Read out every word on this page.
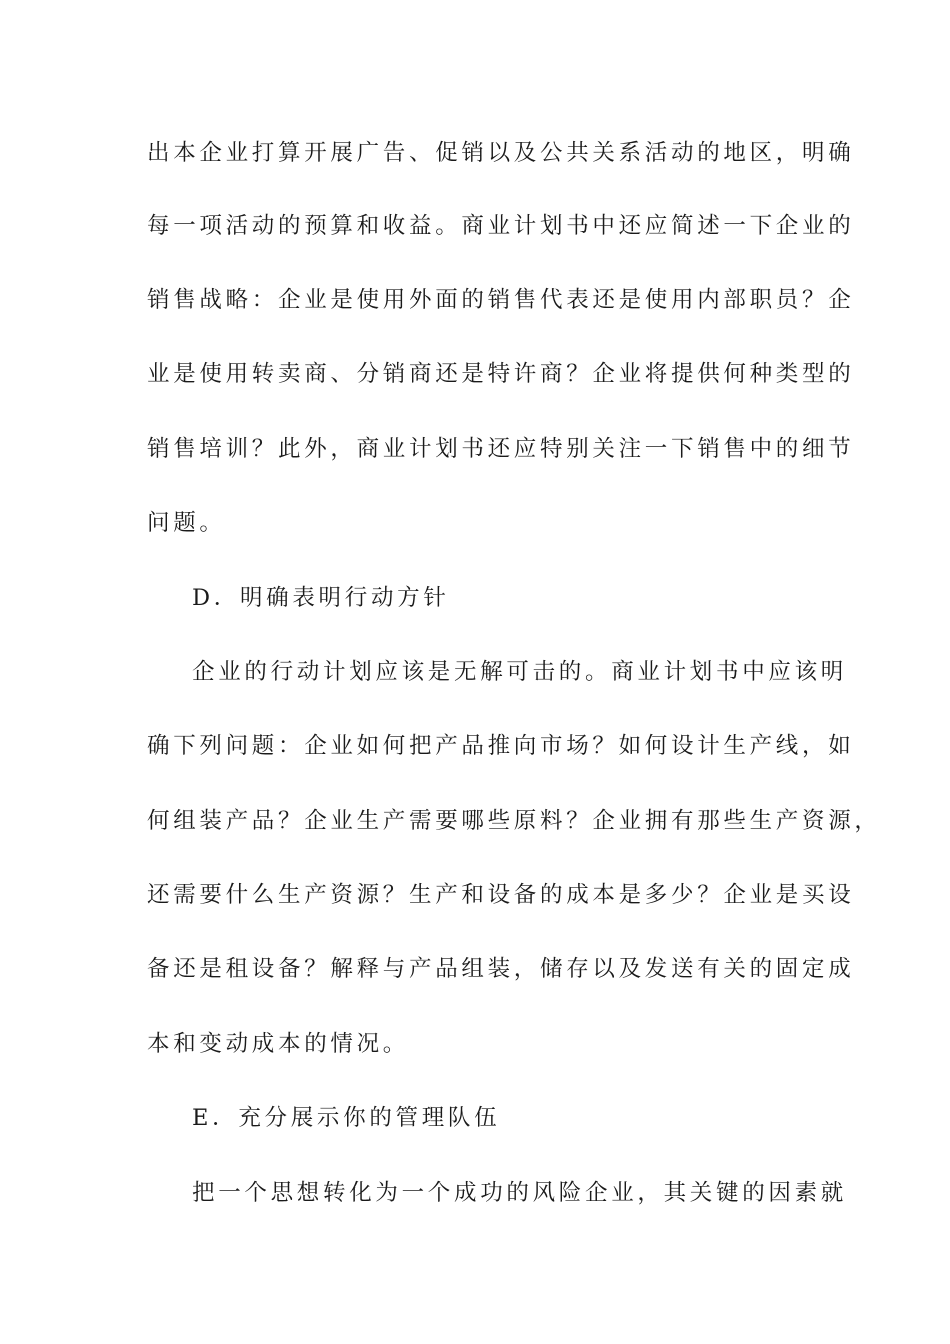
出本企业打算开展广告、促销以及公共关系活动的地区，明确
每一项活动的预算和收益。商业计划书中还应简述一下企业的
销售战略：企业是使用外面的销售代表还是使用内部职员？企
业是使用转卖商、分销商还是特许商？企业将提供何种类型的
销售培训？此外，商业计划书还应特别关注一下销售中的细节
问题。
D．明确表明行动方针
企业的行动计划应该是无解可击的。商业计划书中应该明
确下列问题：企业如何把产品推向市场？如何设计生产线，如
何组装产品？企业生产需要哪些原料？企业拥有那些生产资源，
还需要什么生产资源？生产和设备的成本是多少？企业是买设
备还是租设备？解释与产品组装，储存以及发送有关的固定成
本和变动成本的情况。
E．充分展示你的管理队伍
把一个思想转化为一个成功的风险企业，其关键的因素就
